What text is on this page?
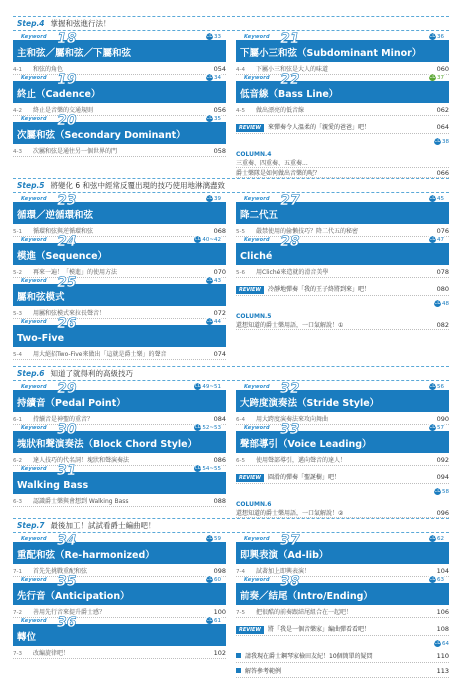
Step.4 掌握和弦進行法！
Keyword 18
主和弦／屬和弦／下屬和弦
CD 33
4-1	和弦的角色	054
Keyword 19
終止（Cadence）
CD 34
4-2	終止是音樂的交通規則	056
Keyword 20
次屬和弦（Secondary Dominant）
CD 35
4-3	次屬和弦是通往另一個世界的門	058
Keyword 21
下屬小三和弦（Subdominant Minor）
CD 36
4-4	下屬小三和弦是大人的味道	060
Keyword 22
低音線（Bass Line）
CD 37
4-5	做出漂亮的低音線	062
REVIEW	來彈奏令人溫柔的「親愛的爸爸」吧！	064
CD 38
COLUMN.4
三重奏、四重奏、五重奏...
爵士樂隊是如何做出音樂的呢？	066
Step.5 將變化 6 和弦中經常反覆出現的技巧使用地淋漓盡致
Keyword 23
循環／逆循環和弦
CD 39
5-1	循環和弦與逆循環和弦	068
Keyword 24
模進（Sequence）
CD 40~42
5-2	再來一遍！「模進」的使用方法	070
Keyword 25
屬和弦模式
CD 43
5-3	用屬和弦模式來拉長聲音！	072
Keyword 26
Two-Five
CD 44
5-4	用大絕招Two-Five來做出「這就是爵士樂」的聲音	074
Keyword 27
降二代五
CD 45
5-5	嚴禁使用的偷懶技巧？降二代五的秘密	076
Keyword 28
Cliché
CD 47
5-6	用Cliché來造就的滑音美學	078
REVIEW	冷靜地彈奏「我的王子終將到來」吧！	080
CD 48
COLUMN.5
還想知道的爵士樂用語，一口氣解說！①	082
Step.6 知道了就得利的高級技巧
Keyword 29
持續音（Pedal Point）
CD 49~51
6-1	持續音是神聖的重音？	084
Keyword 30
塊狀和聲演奏法（Block Chord Style）
CD 52~53
6-2	達人技巧的代名詞！塊狀和聲演奏法	086
Keyword 31
Walking Bass
CD 54~55
6-3	認識爵士樂與會想到 Walking Bass	088
Keyword 32
大跨度演奏法（Stride Style）
CD 56
6-4	用大跨度演奏法來攻向舞曲	090
Keyword 33
聲部導引（Voice Leading）
CD 57
6-5	使用聲部導引，邁向聲音的達人！	092
REVIEW	圓滑的彈奏「聖誕樹」吧！	094
CD 58
COLUMN.6
還想知道的爵士樂用語，一口氣解說！②	096
Step.7 最後加工！試試看爵士編曲吧！
Keyword 34
重配和弦（Re-harmonized）
CD 59
7-1	首先先挑戰重配和弦	098
Keyword 35
先行音（Anticipation）
CD 60
7-2	善用先行音來提升爵士感？	100
Keyword 36
轉位
CD 61
7-3	改編旋律吧！	102
Keyword 37
即興表演（Ad-lib）
CD 62
7-4	試著加上即興表演！	104
Keyword 38
前奏／結尾（Intro/Ending）
CD 63
7-5	把很酷的前奏跟結尾組合在一起吧！	106
REVIEW	將「我是一個音樂家」編曲彈看看吧！	108
CD 64
請我現在爵士鋼琴家檢田友紀！10個簡單的疑問	110
解答參考範例	113
